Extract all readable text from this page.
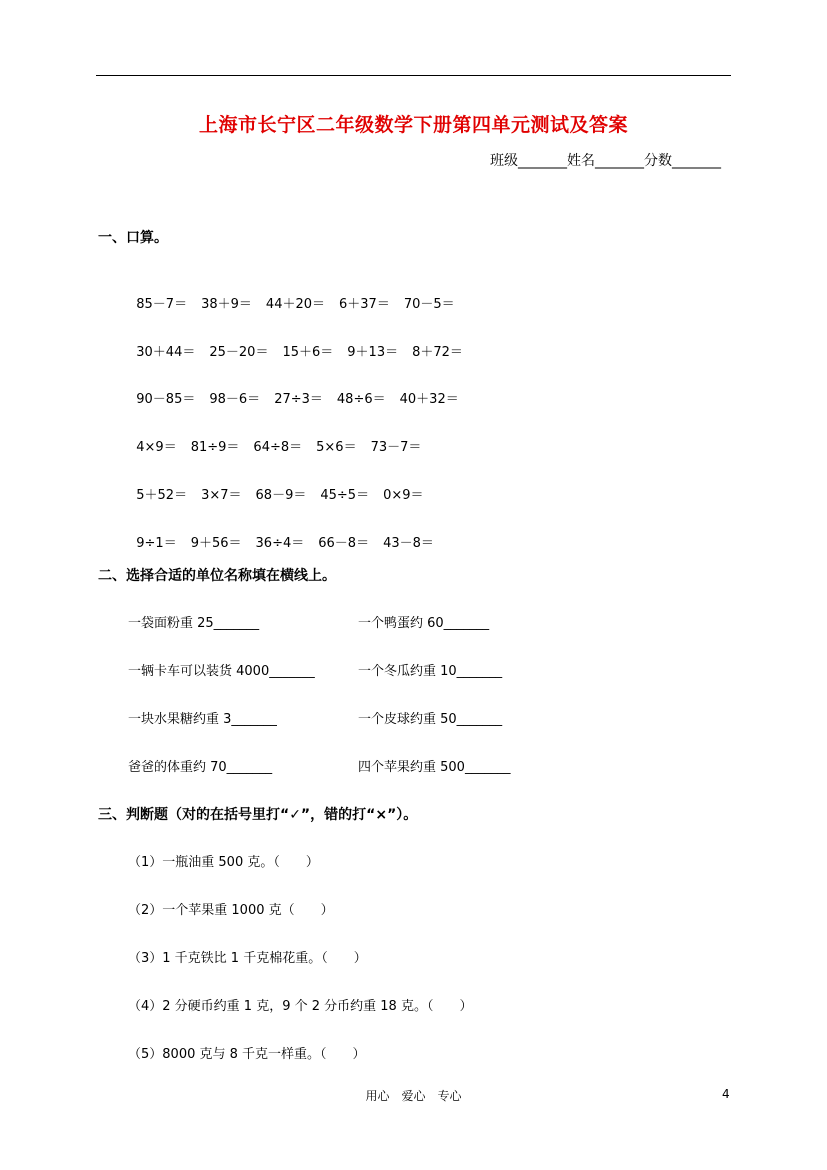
上海市长宁区二年级数学下册第四单元测试及答案
班级_______姓名_______分数_______
一、口算。

85－7＝ 38＋9＝ 44＋20＝ 6＋37＝ 70－5＝

30＋44＝ 25－20＝ 15＋6＝ 9＋13＝ 8＋72＝

90－85＝ 98－6＝ 27÷3＝ 48÷6＝ 40＋32＝

4×9＝ 81÷9＝ 64÷8＝ 5×6＝ 73－7＝

5＋52＝ 3×7＝ 68－9＝ 45÷5＝ 0×9＝

9÷1＝ 9＋56＝ 36÷4＝ 66－8＝ 43－8＝

二、选择合适的单位名称填在横线上。
一袋面粉重 25_______	一个鸭蛋约 60_______
一辆卡车可以装货 4000_______	一个冬瓜约重 10_______
一块水果糖约重 3_______	一个皮球约重 50_______
爸爸的体重约 70_______	四个苹果约重 500_______
三、判断题（对的在括号里打“✓”，错的打“×”）。
（1）一瓶油重 500 克。（　　）
（2）一个苹果重 1000 克（　　）
（3）1 千克铁比 1 千克棉花重。（　　）
（4）2 分硬币约重 1 克，9 个 2 分币约重 18 克。（　　）
（5）8000 克与 8 千克一样重。（　　）
用心　爱心　专心	4
